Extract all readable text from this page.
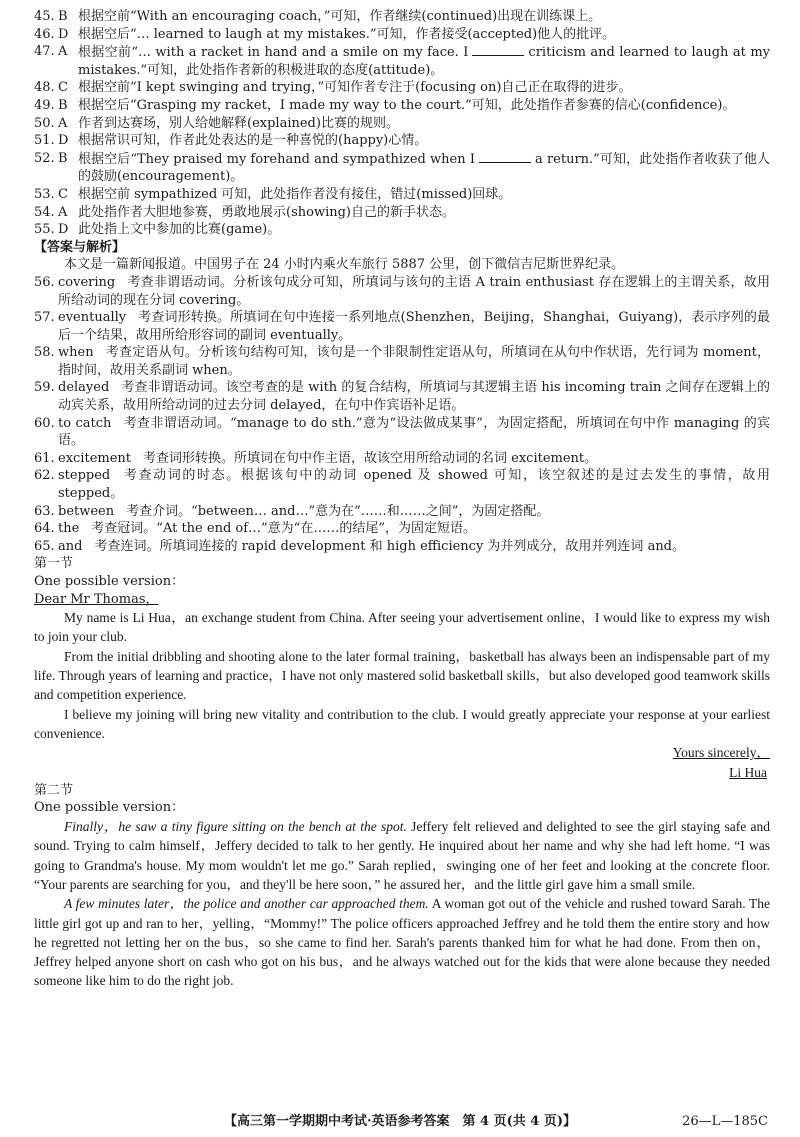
45. B 根据空前“With an encouraging coach，”可知，作者继续(continued)出现在训练课上。
46. D 根据空后“… learned to laugh at my mistakes.”可知，作者接受(accepted)他人的批评。
47. A 根据空前“… with a racket in hand and a smile on my face. I	criticism and learned to laugh at my mistakes.”可知，此处指作者新的积极进取的态度(attitude)。
48. C 根据空前“I kept swinging and trying，”可知作者专注于(focusing on)自己正在取得的进步。
49. B 根据空后“Grasping my racket，I made my way to the court.”可知，此处指作者参赛的信心(confidence)。
50. A 作者到达赛场，别人给她解释(explained)比赛的规则。
51. D 根据常识可知，作者此处表达的是一种喜悦的(happy)心情。
52. B 根据空后“They praised my forehand and sympathized when I	a return.”可知，此处指作者收获了他人的鼓励(encouragement)。
53. C 根据空前 sympathized 可知，此处指作者没有接住，错过(missed)回球。
54. A 此处指作者大胆地参赛，勇敢地展示(showing)自己的新手状态。
55. D 此处指上文中参加的比赛(game)。

【答案与解析】

本文是一篇新闻报道。中国男子在 24 小时内乘火车旅行 5887 公里，创下微信吉尼斯世界纪录。

56. covering 考查非谓语动词。分析该句成分可知，所填词与该句的主语 A train enthusiast 存在逻辑上的主谓关系，故用所给动词的现在分词 covering。
57. eventually 考查词形转换。所填词在句中连接一系列地点(Shenzhen，Beijing，Shanghai，Guiyang)，表示序列的最后一个结果，故用所给形容词的副词 eventually。
58. when 考查定语从句。分析该句结构可知，该句是一个非限制性定语从句，所填词在从句中作状语，先行词为 moment，指时间，故用关系副词 when。
59. delayed 考查非谓语动词。该空考查的是 with 的复合结构，所填词与其逻辑主语 his incoming train 之间存在逻辑上的动宾关系，故用所给动词的过去分词 delayed，在句中作宾语补足语。
60. to catch 考查非谓语动词。“manage to do sth.”意为“设法做成某事”，为固定搭配，所填词在句中作 managing 的宾语。
61. excitement 考查词形转换。所填词在句中作主语，故该空用所给动词的名词 excitement。
62. stepped 考查动词的时态。根据该句中的动词 opened 及 showed 可知，该空叙述的是过去发生的事情，故用 stepped。
63. between 考查介词。“between… and…”意为在“……和……之间”，为固定搭配。
64. the 考查冠词。“At the end of…”意为“在……的结尾”，为固定短语。
65. and 考查连词。所填词连接的 rapid development 和 high efficiency 为并列成分，故用并列连词 and。

第一节

One possible version：

Dear Mr Thomas，

My name is Li Hua，an exchange student from China. After seeing your advertisement online，I would like to express my wish to join your club.

From the initial dribbling and shooting alone to the later formal training，basketball has always been an indispensable part of my life. Through years of learning and practice，I have not only mastered solid basketball skills，but also developed good teamwork skills and competition experience.

I believe my joining will bring new vitality and contribution to the club. I would greatly appreciate your response at your earliest convenience.

Yours sincerely，

Li Hua

第二节

One possible version：

Finally，he saw a tiny figure sitting on the bench at the spot. Jeffery felt relieved and delighted to see the girl staying safe and sound. Trying to calm himself，Jeffery decided to talk to her gently. He inquired about her name and why she had left home. “I was going to Grandma's house. My mom wouldn't let me go.” Sarah replied，swinging one of her feet and looking at the concrete floor. “Your parents are searching for you，and they'll be here soon，” he assured her，and the little girl gave him a small smile.

A few minutes later，the police and another car approached them. A woman got out of the vehicle and rushed toward Sarah. The little girl got up and ran to her，yelling，“Mommy!” The police officers approached Jeffrey and he told them the entire story and how he regretted not letting her on the bus，so she came to find her. Sarah's parents thanked him for what he had done. From then on，Jeffrey helped anyone short on cash who got on his bus，and he always watched out for the kids that were alone because they needed someone like him to do the right job.

【高三第一学期期中考试·英语参考答案　第 4 页(共 4 页)】	26—L—185C
